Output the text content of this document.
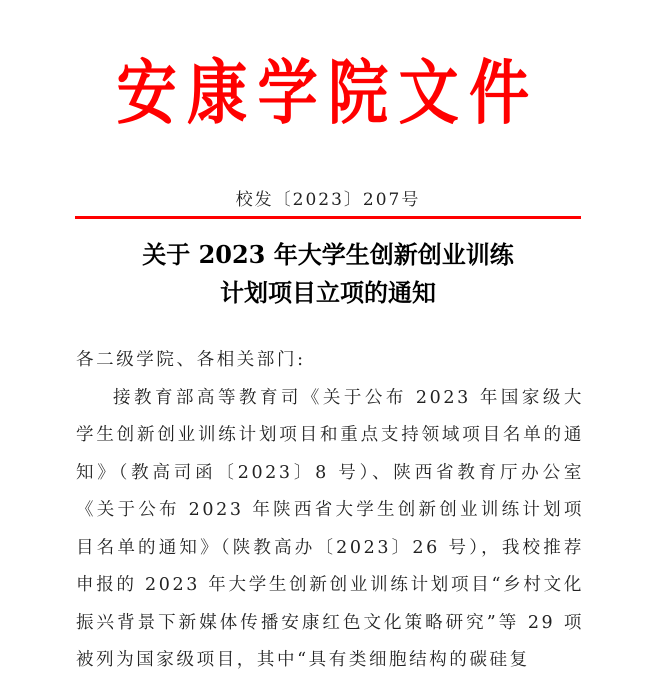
安康学院文件
校发〔2023〕207号
关于 2023 年大学生创新创业训练
计划项目立项的通知

各二级学院、各相关部门:

接教育部高等教育司《关于公布 2023 年国家级大学生创新创业训练计划项目和重点支持领域项目名单的通知》（教高司函〔2023〕8 号）、陕西省教育厅办公室《关于公布 2023 年陕西省大学生创新创业训练计划项目名单的通知》（陕教高办〔2023〕26 号），我校推荐申报的 2023 年大学生创新创业训练计划项目“乡村文化振兴背景下新媒体传播安康红色文化策略研究”等 29 项被列为国家级项目，其中“具有类细胞结构的碳硅复
